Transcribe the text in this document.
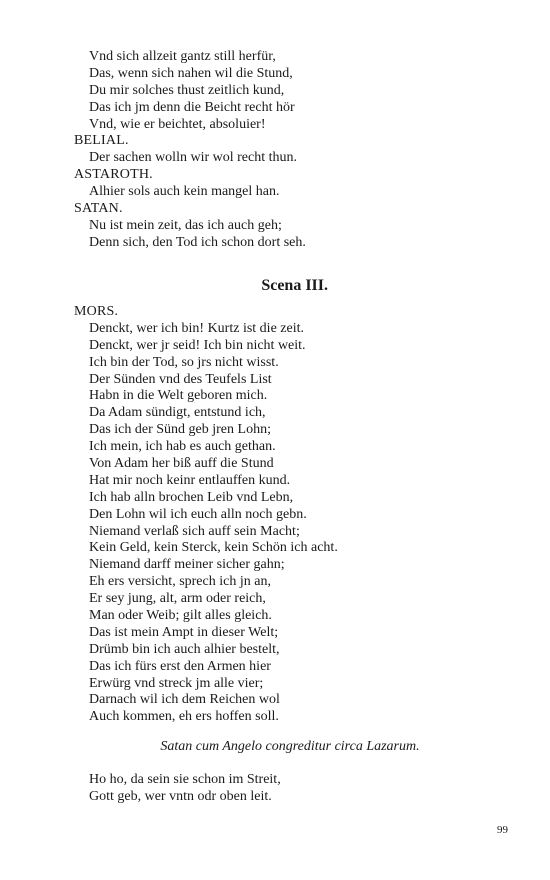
Vnd sich allzeit gantz still herfür,
Das, wenn sich nahen wil die Stund,
Du mir solches thust zeitlich kund,
Das ich jm denn die Beicht recht hör
Vnd, wie er beichtet, absoluier!
BELIAL.
Der sachen wolln wir wol recht thun.
ASTAROTH.
Alhier sols auch kein mangel han.
SATAN.
Nu ist mein zeit, das ich auch geh;
Denn sich, den Tod ich schon dort seh.
Scena III.
MORS.
Denckt, wer ich bin! Kurtz ist die zeit.
Denckt, wer jr seid! Ich bin nicht weit.
Ich bin der Tod, so jrs nicht wisst.
Der Sünden vnd des Teufels List
Habn in die Welt geboren mich.
Da Adam sündigt, entstund ich,
Das ich der Sünd geb jren Lohn;
Ich mein, ich hab es auch gethan.
Von Adam her biß auff die Stund
Hat mir noch keinr entlauffen kund.
Ich hab alln brochen Leib vnd Lebn,
Den Lohn wil ich euch alln noch gebn.
Niemand verlaß sich auff sein Macht;
Kein Geld, kein Sterck, kein Schön ich acht.
Niemand darff meiner sicher gahn;
Eh ers versicht, sprech ich jn an,
Er sey jung, alt, arm oder reich,
Man oder Weib; gilt alles gleich.
Das ist mein Ampt in dieser Welt;
Drümb bin ich auch alhier bestelt,
Das ich fürs erst den Armen hier
Erwürg vnd streck jm alle vier;
Darnach wil ich dem Reichen wol
Auch kommen, eh ers hoffen soll.
Satan cum Angelo congreditur circa Lazarum.
Ho ho, da sein sie schon im Streit,
Gott geb, wer vntn odr oben leit.
99
